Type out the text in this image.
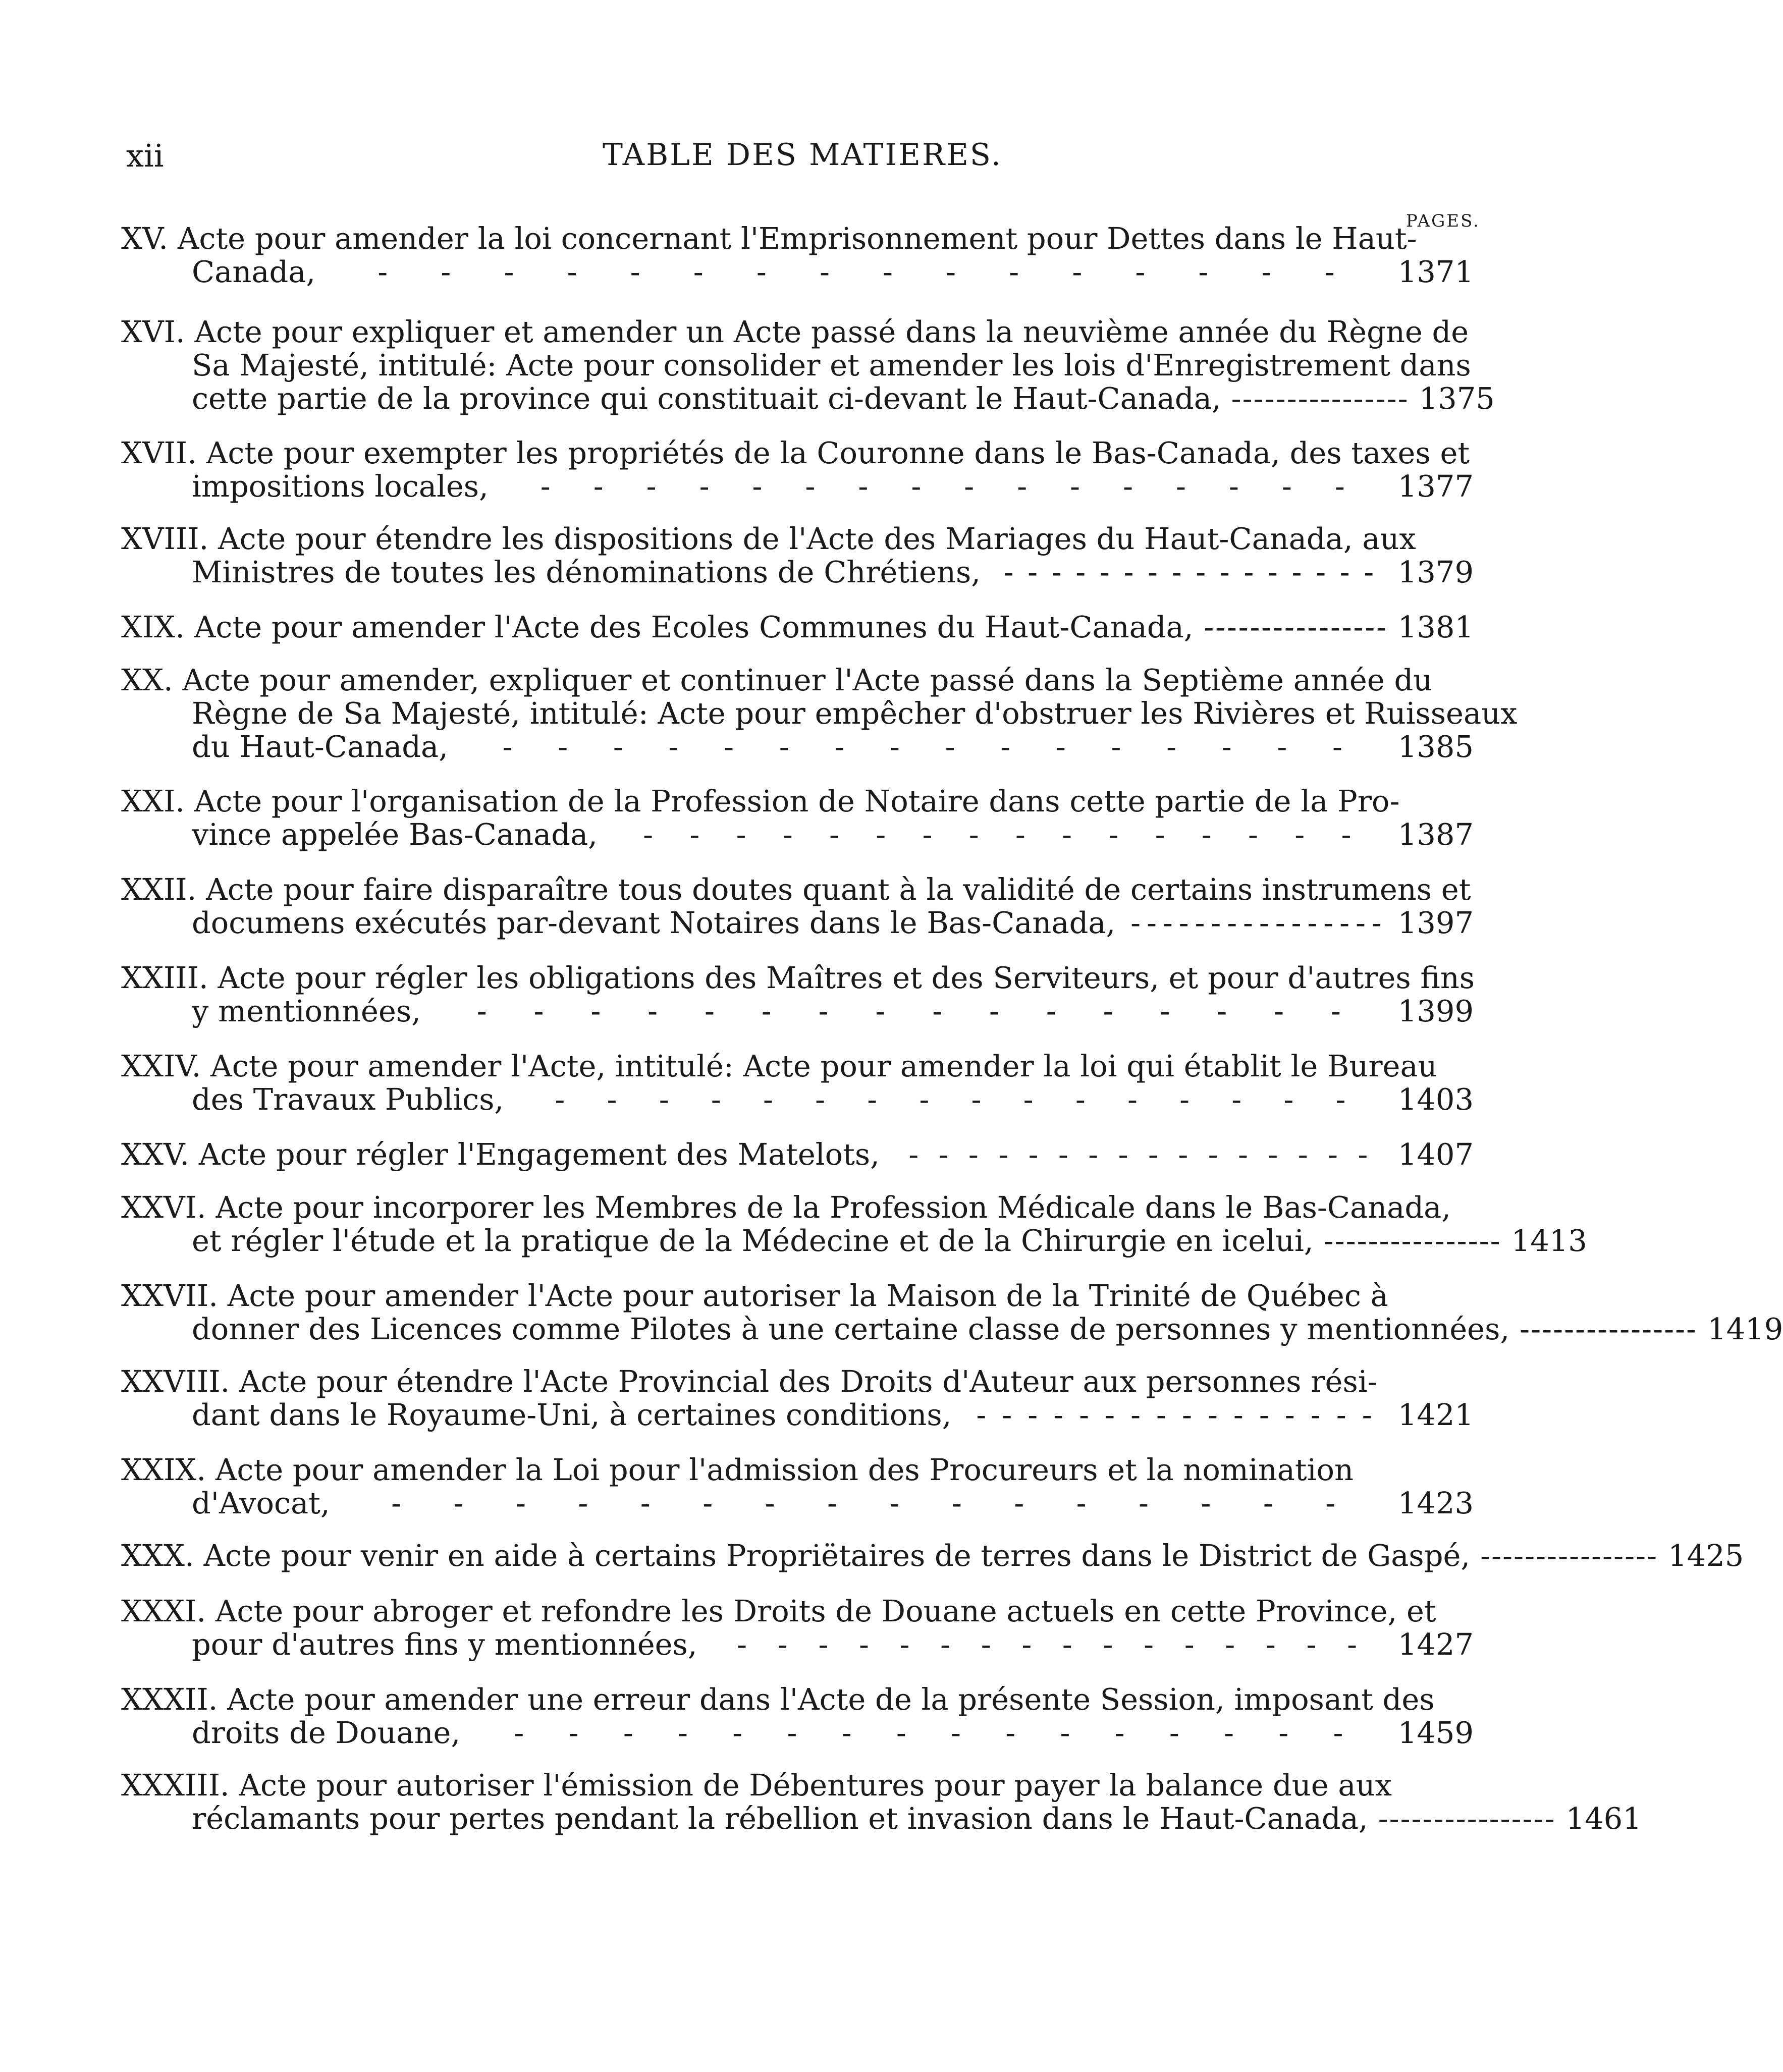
xii	TABLE DES MATIERES.
PAGES.
XV. Acte pour amender la loi concernant l'Emprisonnement pour Dettes dans le Haut-
Canada, - - - - - - - - - - - - - - - - 1371
XVI. Acte pour expliquer et amender un Acte passé dans la neuvième année du Règne de
Sa Majesté, intitulé: Acte pour consolider et amender les lois d'Enregistrement dans
cette partie de la province qui constituait ci-devant le Haut-Canada, - - - - - - - - - - - - - - - - 1375
XVII. Acte pour exempter les propriétés de la Couronne dans le Bas-Canada, des taxes et
impositions locales, - - - - - - - - - - - - - - - - 1377
XVIII. Acte pour étendre les dispositions de l'Acte des Mariages du Haut-Canada, aux
Ministres de toutes les dénominations de Chrétiens, - - - - - - - - - - - - - - - - 1379
XIX. Acte pour amender l'Acte des Ecoles Communes du Haut-Canada, - - - - - - - - - - - - - - - - 1381
XX. Acte pour amender, expliquer et continuer l'Acte passé dans la Septième année du
Règne de Sa Majesté, intitulé: Acte pour empêcher d'obstruer les Rivières et Ruisseaux
du Haut-Canada, - - - - - - - - - - - - - - - - 1385
XXI. Acte pour l'organisation de la Profession de Notaire dans cette partie de la Pro-
vince appelée Bas-Canada, - - - - - - - - - - - - - - - - 1387
XXII. Acte pour faire disparaître tous doutes quant à la validité de certains instrumens et
documens exécutés par-devant Notaires dans le Bas-Canada, - - - - - - - - - - - - - - - - 1397
XXIII. Acte pour régler les obligations des Maîtres et des Serviteurs, et pour d'autres fins
y mentionnées, - - - - - - - - - - - - - - - - 1399
XXIV. Acte pour amender l'Acte, intitulé: Acte pour amender la loi qui établit le Bureau
des Travaux Publics, - - - - - - - - - - - - - - - - 1403
XXV. Acte pour régler l'Engagement des Matelots, - - - - - - - - - - - - - - - - 1407
XXVI. Acte pour incorporer les Membres de la Profession Médicale dans le Bas-Canada,
et régler l'étude et la pratique de la Médecine et de la Chirurgie en icelui, - - - - - - - - - - - - - - - - 1413
XXVII. Acte pour amender l'Acte pour autoriser la Maison de la Trinité de Québec à
donner des Licences comme Pilotes à une certaine classe de personnes y mentionnées, - - - - - - - - - - - - - - - - 1419
XXVIII. Acte pour étendre l'Acte Provincial des Droits d'Auteur aux personnes rési-
dant dans le Royaume-Uni, à certaines conditions, - - - - - - - - - - - - - - - - 1421
XXIX. Acte pour amender la Loi pour l'admission des Procureurs et la nomination
d'Avocat, - - - - - - - - - - - - - - - - 1423
XXX. Acte pour venir en aide à certains Propriëtaires de terres dans le District de Gaspé, - - - - - - - - - - - - - - - - 1425
XXXI. Acte pour abroger et refondre les Droits de Douane actuels en cette Province, et
pour d'autres fins y mentionnées, - - - - - - - - - - - - - - - - 1427
XXXII. Acte pour amender une erreur dans l'Acte de la présente Session, imposant des
droits de Douane, - - - - - - - - - - - - - - - - 1459
XXXIII. Acte pour autoriser l'émission de Débentures pour payer la balance due aux
réclamants pour pertes pendant la rébellion et invasion dans le Haut-Canada, - - - - - - - - - - - - - - - - 1461
